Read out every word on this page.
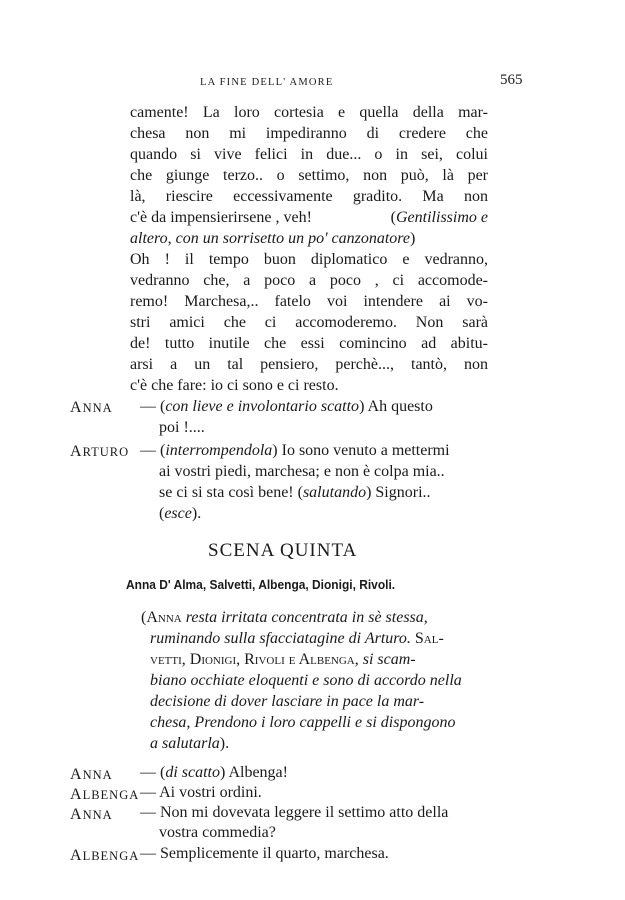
LA FINE DELL' AMORE	565
camente! La loro cortesia e quella della mar-
chesa non mi impediranno di credere che
quando si vive felici in due... o in sei, colui
che giunge terzo.. o settimo, non può, là per
là, riescire eccessivamente gradito. Ma non
c'è da impensierirsene , veh!	(Gentilissimo e
altero, con un sorrisetto un po' canzonatore)
Oh ! il tempo buon diplomatico e vedranno,
vedranno che, a poco a poco , ci accomode-
remo! Marchesa,.. fatelo voi intendere ai vo-
stri amici che ci accomoderemo. Non sarà
de! tutto inutile che essi comincino ad abitu-
arsi a un tal pensiero, perchè..., tantò, non
c'è che fare: io ci sono e ci resto.
ANNA — (con lieve e involontario scatto) Ah questo
poi !....
ARTURO — (interrompendola) Io sono venuto a mettermi
ai vostri piedi, marchesa; e non è colpa mia..
se ci si sta così bene! (salutando) Signori..
(esce).
SCENA QUINTA
Anna D' Alma, Salvetti, Albenga, Dionigi, Rivoli.
(Anna resta irritata concentrata in sè stessa,
ruminando sulla sfacciatagine di Arturo. Sal-
vetti, Dionigi, Rivoli e Albenga, si scam-
biano occhiate eloquenti e sono di accordo nella
decisione di dover lasciare in pace la mar-
chesa, Prendono i loro cappelli e si dispongono
a salutarla).
ANNA — (di scatto) Albenga!
ALBENGA — Ai vostri ordini.
ANNA — Non mi dovevata leggere il settimo atto della
vostra commedia?
ALBENGA — Semplicemente il quarto, marchesa.
